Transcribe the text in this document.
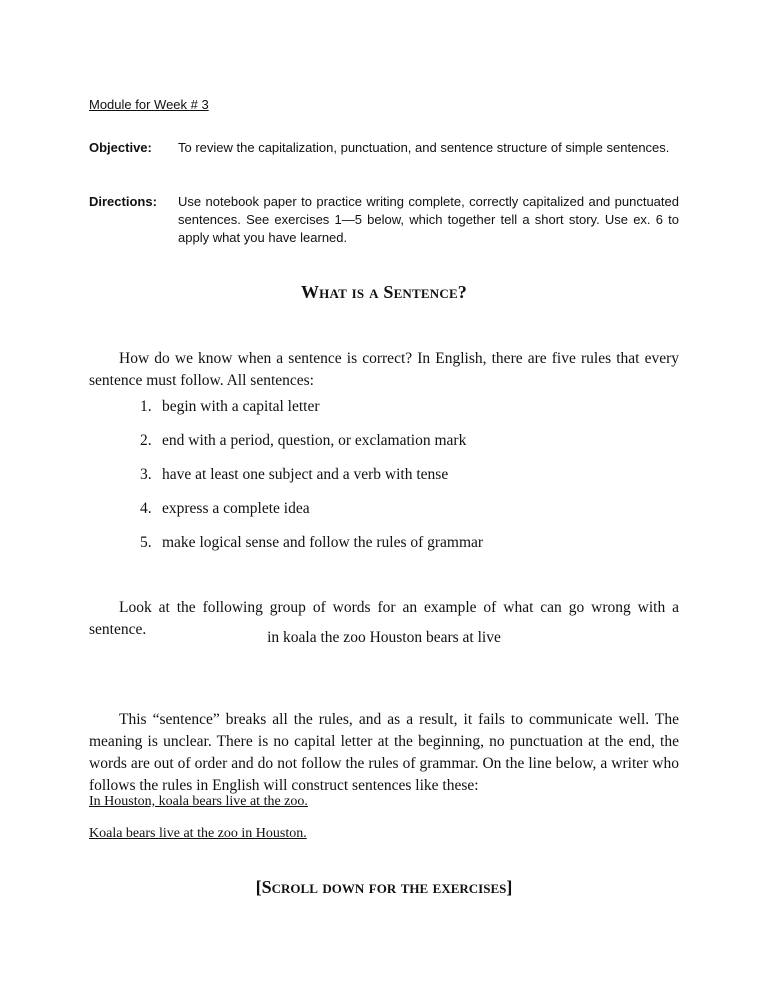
Module for Week # 3
Objective: To review the capitalization, punctuation, and sentence structure of simple sentences.
Directions: Use notebook paper to practice writing complete, correctly capitalized and punctuated sentences. See exercises 1—5 below, which together tell a short story. Use ex. 6 to apply what you have learned.
What is a Sentence?

How do we know when a sentence is correct? In English, there are five rules that every sentence must follow. All sentences:

1. begin with a capital letter
2. end with a period, question, or exclamation mark
3. have at least one subject and a verb with tense
4. express a complete idea
5. make logical sense and follow the rules of grammar

Look at the following group of words for an example of what can go wrong with a sentence.	in koala the zoo Houston bears at live

This “sentence” breaks all the rules, and as a result, it fails to communicate well. The meaning is unclear. There is no capital letter at the beginning, no punctuation at the end, the words are out of order and do not follow the rules of grammar. On the line below, a writer who follows the rules in English will construct sentences like these:

In Houston, koala bears live at the zoo.
Koala bears live at the zoo in Houston.
[Scroll down for the exercises]
